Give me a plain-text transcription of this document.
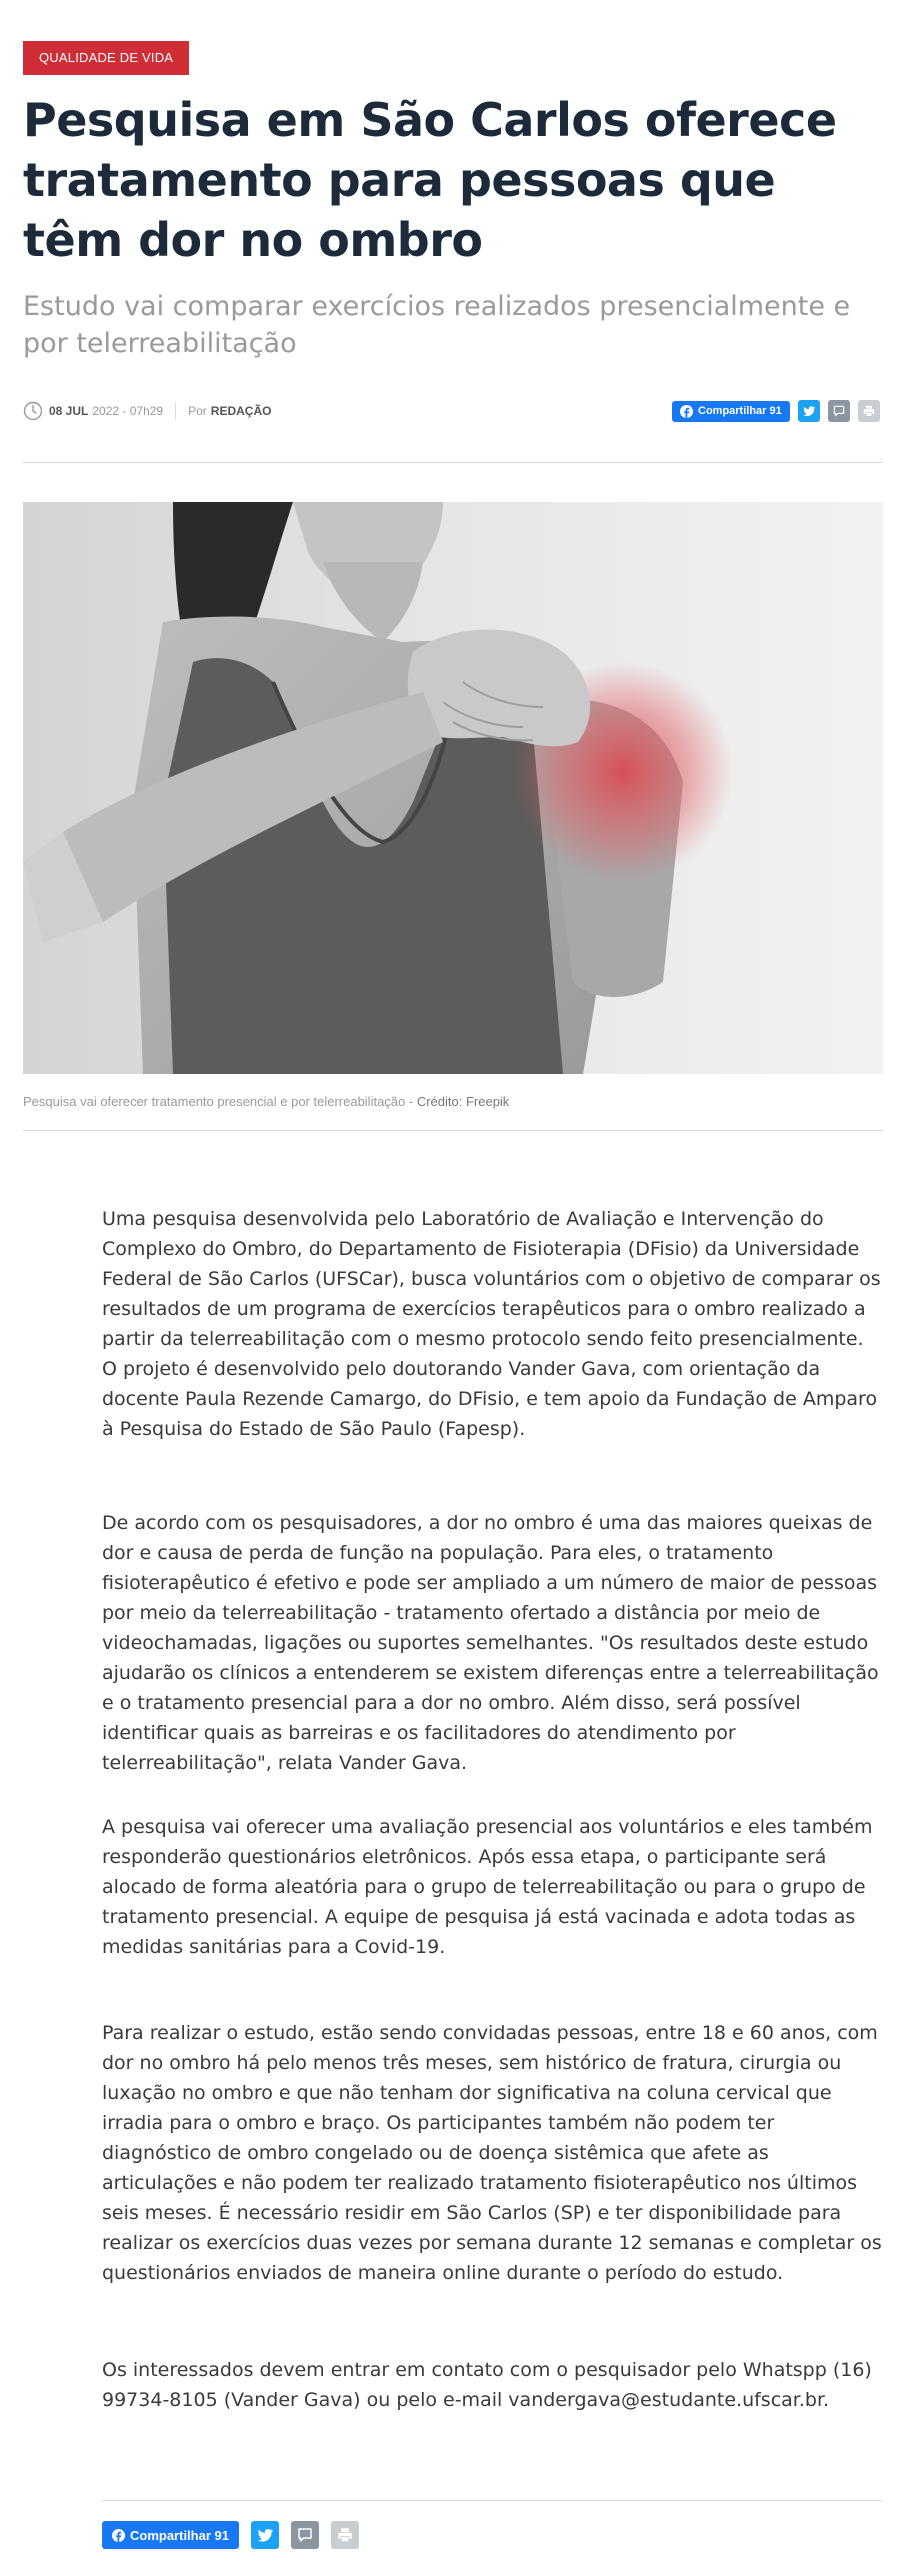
QUALIDADE DE VIDA
Pesquisa em São Carlos oferece tratamento para pessoas que têm dor no ombro
Estudo vai comparar exercícios realizados presencialmente e por telerreabilitação
08 JUL 2022 - 07h29 Por REDAÇÃO	Compartilhar 91
Pesquisa vai oferecer tratamento presencial e por telerreabilitação - Crédito: Freepik

Uma pesquisa desenvolvida pelo Laboratório de Avaliação e Intervenção do Complexo do Ombro, do Departamento de Fisioterapia (DFisio) da Universidade Federal de São Carlos (UFSCar), busca voluntários com o objetivo de comparar os resultados de um programa de exercícios terapêuticos para o ombro realizado a partir da telerreabilitação com o mesmo protocolo sendo feito presencialmente. O projeto é desenvolvido pelo doutorando Vander Gava, com orientação da docente Paula Rezende Camargo, do DFisio, e tem apoio da Fundação de Amparo à Pesquisa do Estado de São Paulo (Fapesp).

De acordo com os pesquisadores, a dor no ombro é uma das maiores queixas de dor e causa de perda de função na população. Para eles, o tratamento fisioterapêutico é efetivo e pode ser ampliado a um número de maior de pessoas por meio da telerreabilitação - tratamento ofertado a distância por meio de videochamadas, ligações ou suportes semelhantes. "Os resultados deste estudo ajudarão os clínicos a entenderem se existem diferenças entre a telerreabilitação e o tratamento presencial para a dor no ombro. Além disso, será possível identificar quais as barreiras e os facilitadores do atendimento por telerreabilitação", relata Vander Gava.

A pesquisa vai oferecer uma avaliação presencial aos voluntários e eles também responderão questionários eletrônicos. Após essa etapa, o participante será alocado de forma aleatória para o grupo de telerreabilitação ou para o grupo de tratamento presencial. A equipe de pesquisa já está vacinada e adota todas as medidas sanitárias para a Covid-19.

Para realizar o estudo, estão sendo convidadas pessoas, entre 18 e 60 anos, com dor no ombro há pelo menos três meses, sem histórico de fratura, cirurgia ou luxação no ombro e que não tenham dor significativa na coluna cervical que irradia para o ombro e braço. Os participantes também não podem ter diagnóstico de ombro congelado ou de doença sistêmica que afete as articulações e não podem ter realizado tratamento fisioterapêutico nos últimos seis meses. É necessário residir em São Carlos (SP) e ter disponibilidade para realizar os exercícios duas vezes por semana durante 12 semanas e completar os questionários enviados de maneira online durante o período do estudo.

Os interessados devem entrar em contato com o pesquisador pelo Whatspp (16) 99734-8105 (Vander Gava) ou pelo e-mail vandergava@estudante.ufscar.br.

Compartilhar 91
